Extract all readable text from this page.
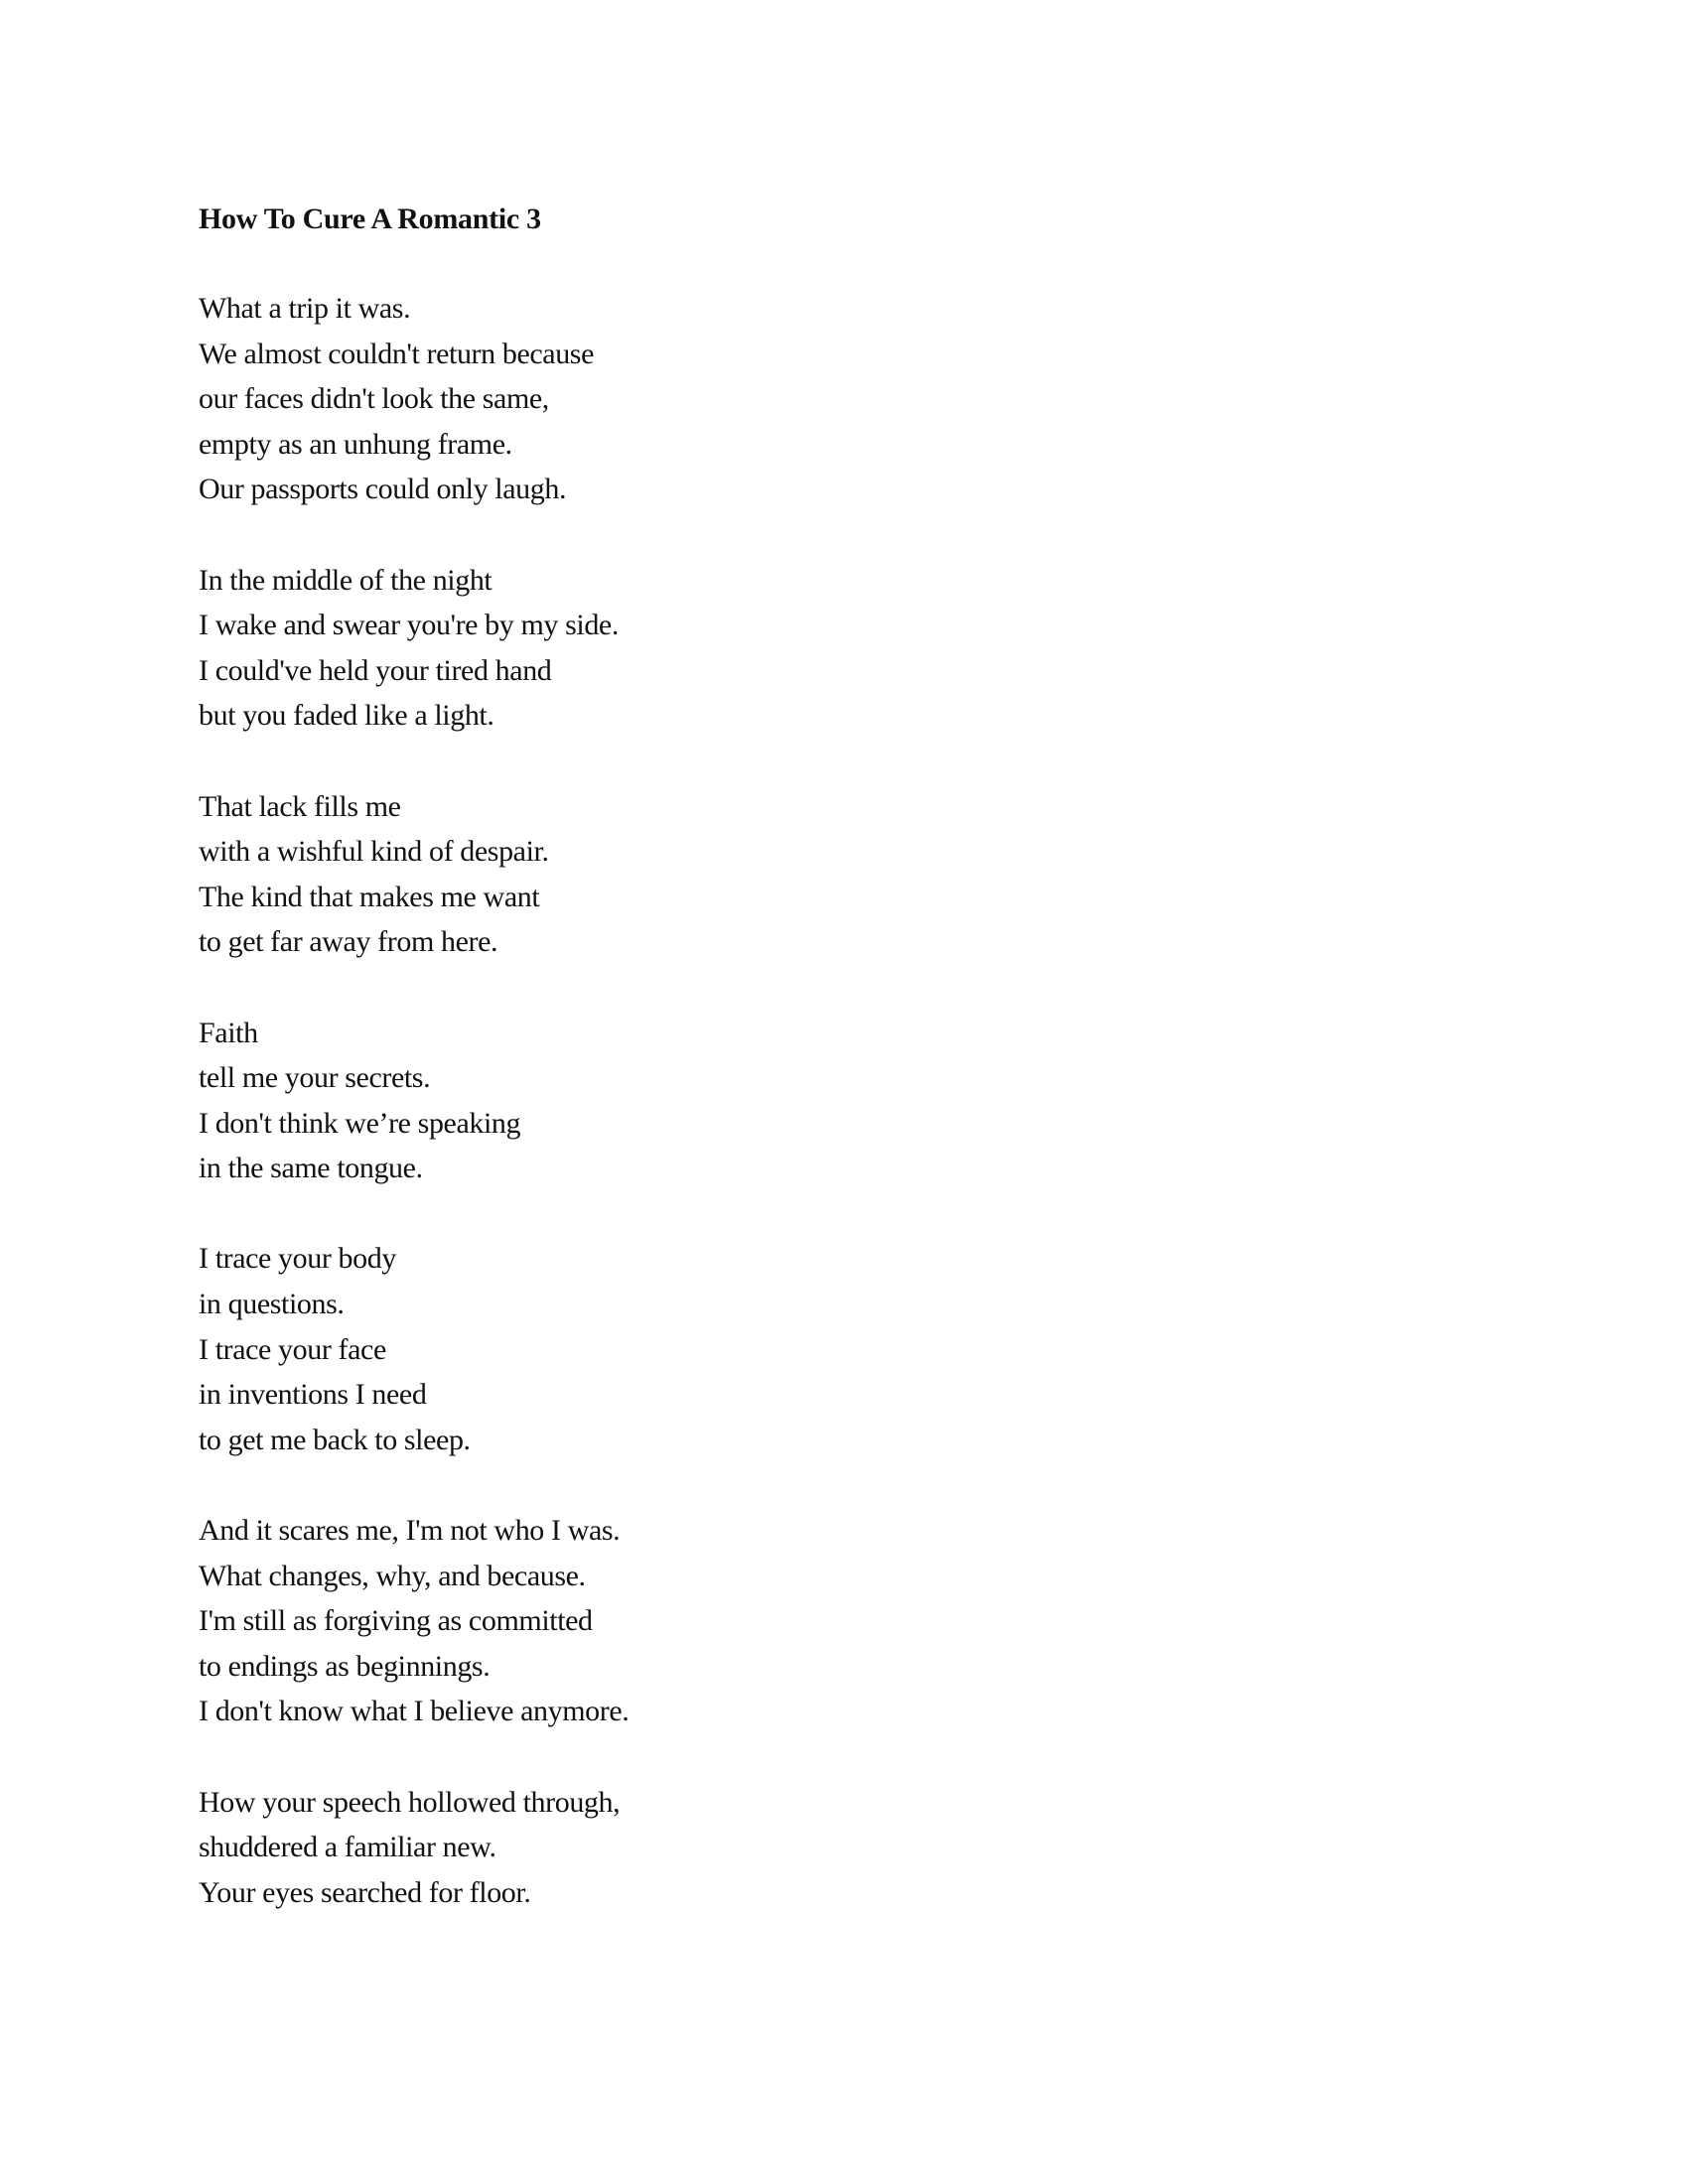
How To Cure A Romantic 3
What a trip it was.
We almost couldn't return because
our faces didn't look the same,
empty as an unhung frame.
Our passports could only laugh.
In the middle of the night
I wake and swear you're by my side.
I could've held your tired hand
but you faded like a light.
That lack fills me
with a wishful kind of despair.
The kind that makes me want
to get far away from here.
Faith
tell me your secrets.
I don't think we’re speaking
in the same tongue.
I trace your body
in questions.
I trace your face
in inventions I need
to get me back to sleep.
And it scares me, I'm not who I was.
What changes, why, and because.
I'm still as forgiving as committed
to endings as beginnings.
I don't know what I believe anymore.
How your speech hollowed through,
shuddered a familiar new.
Your eyes searched for floor.
